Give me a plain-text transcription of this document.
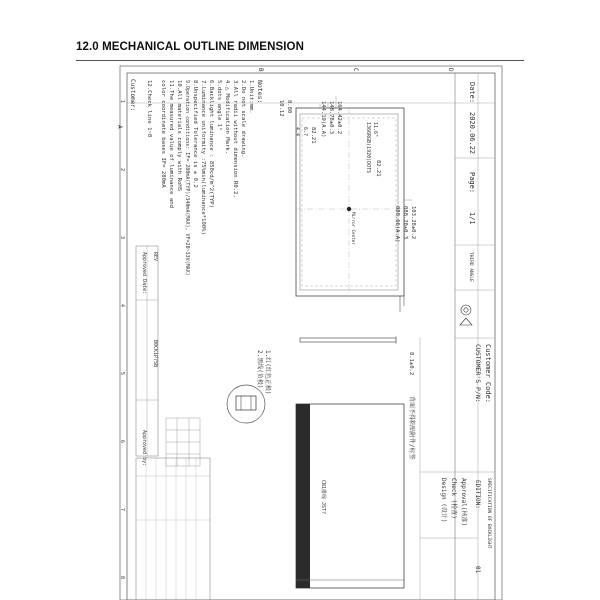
12.0 MECHANICAL OUTLINE DIMENSION
A
B	C	D
1
2
3
4
5
6
7
8
Customer:	Notes:
1.Unit:mm.
2.Do not scale drawing.
3.All radii without dimension R0.2.
4.△ Modification Mark.
5.dots angle 1°
6.Backlight luminance : 850cd/m^2(TYP)
7.Luminance uniformity :75%min(luminance*100%)
8.Unspecified Tolerance is ± 0.2
9.Operation conditions: IF= 280mA(TYP)/340mA(MAX), VF=28~33V(MAX)
10.All materials comply with RoHS
11.The measured value of luminance and
color coordinate bases IF= 280mA
12.Check line 1~8
Mirror Center
11.6"
1366RGB(1920)DOTS
164.42±0.2
148.78±0.3
144.19(A.A)
82.21
8.80
10.12
4.4 6.7
103.28±0.2
088.20±0.3
088.66(A.A)
82.21
8.1±0.2
背面不得粘贴附件/标签
CN1排线 JST?
1.红(红色正极)
2.黑线(负极)
REV
Approved Date:
B0CK1P75B
Approved by:
Date:
2020.06.22
Page:
1/1
THIRD ANGLE
Customer Code:
CUSTOMER'S P/N:
SPECIFICATION OF BACKLIGHT
EDITION:
01
Approval(核准)
Check (检查)
Design (设计)
